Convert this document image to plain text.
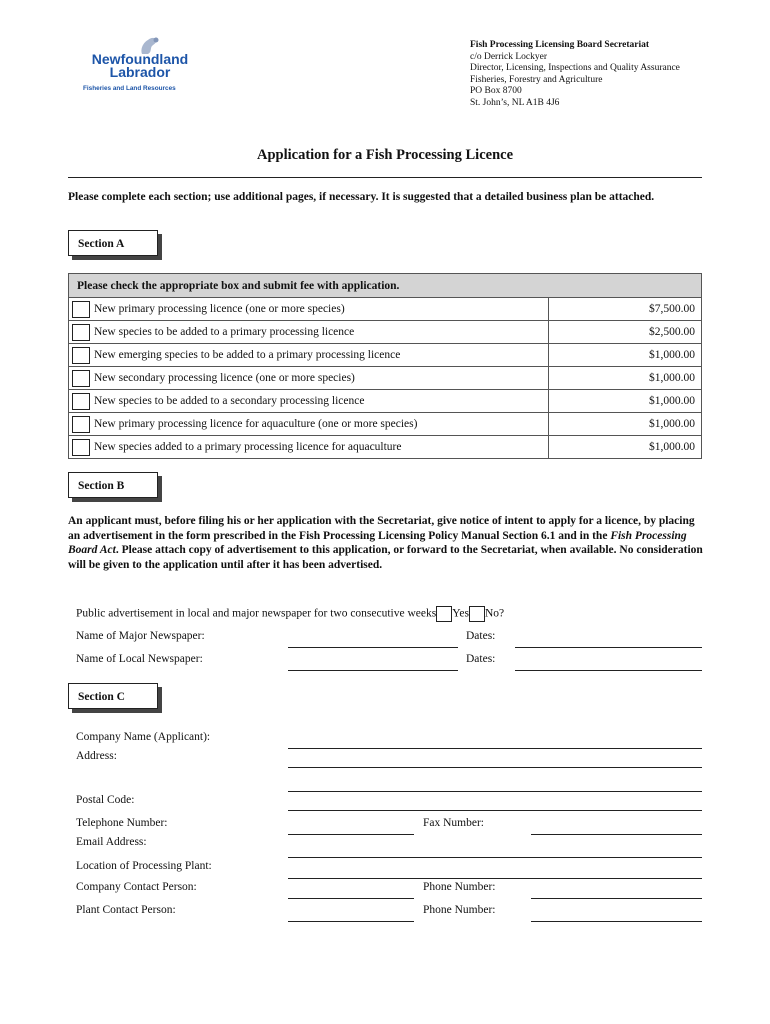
Newfoundland
Labrador
Fisheries and Land Resources
Fish Processing Licensing Board Secretariat
c/o Derrick Lockyer
Director, Licensing, Inspections and Quality Assurance
Fisheries, Forestry and Agriculture
PO Box 8700
St. John’s, NL A1B 4J6
Application for a Fish Processing Licence
Please complete each section; use additional pages, if necessary. It is suggested that a detailed business plan be attached.
Section A
Please check the appropriate box and submit fee with application.	
New primary processing licence (one or more species)	$7,500.00
New species to be added to a primary processing licence	$2,500.00
New emerging species to be added to a primary processing licence	$1,000.00
New secondary processing licence (one or more species)	$1,000.00
New species to be added to a secondary processing licence	$1,000.00
New primary processing licence for aquaculture (one or more species)	$1,000.00
New species added to a primary processing licence for aquaculture	$1,000.00
Section B
An applicant must, before filing his or her application with the Secretariat, give notice of intent to apply for a licence, by placing an advertisement in the form prescribed in the Fish Processing Licensing Policy Manual Section 6.1 and in the Fish Processing Board Act. Please attach copy of advertisement to this application, or forward to the Secretariat, when available. No consideration will be given to the application until after it has been advertised.
Public advertisement in local and major newspaper for two consecutive weeks Yes No?
Name of Major Newspaper:	Dates:
Name of Local Newspaper:	Dates:
Section C
Company Name (Applicant):
Address:
Postal Code:
Telephone Number:	Fax Number:
Email Address:
Location of Processing Plant:
Company Contact Person:	Phone Number:
Plant Contact Person:	Phone Number:
